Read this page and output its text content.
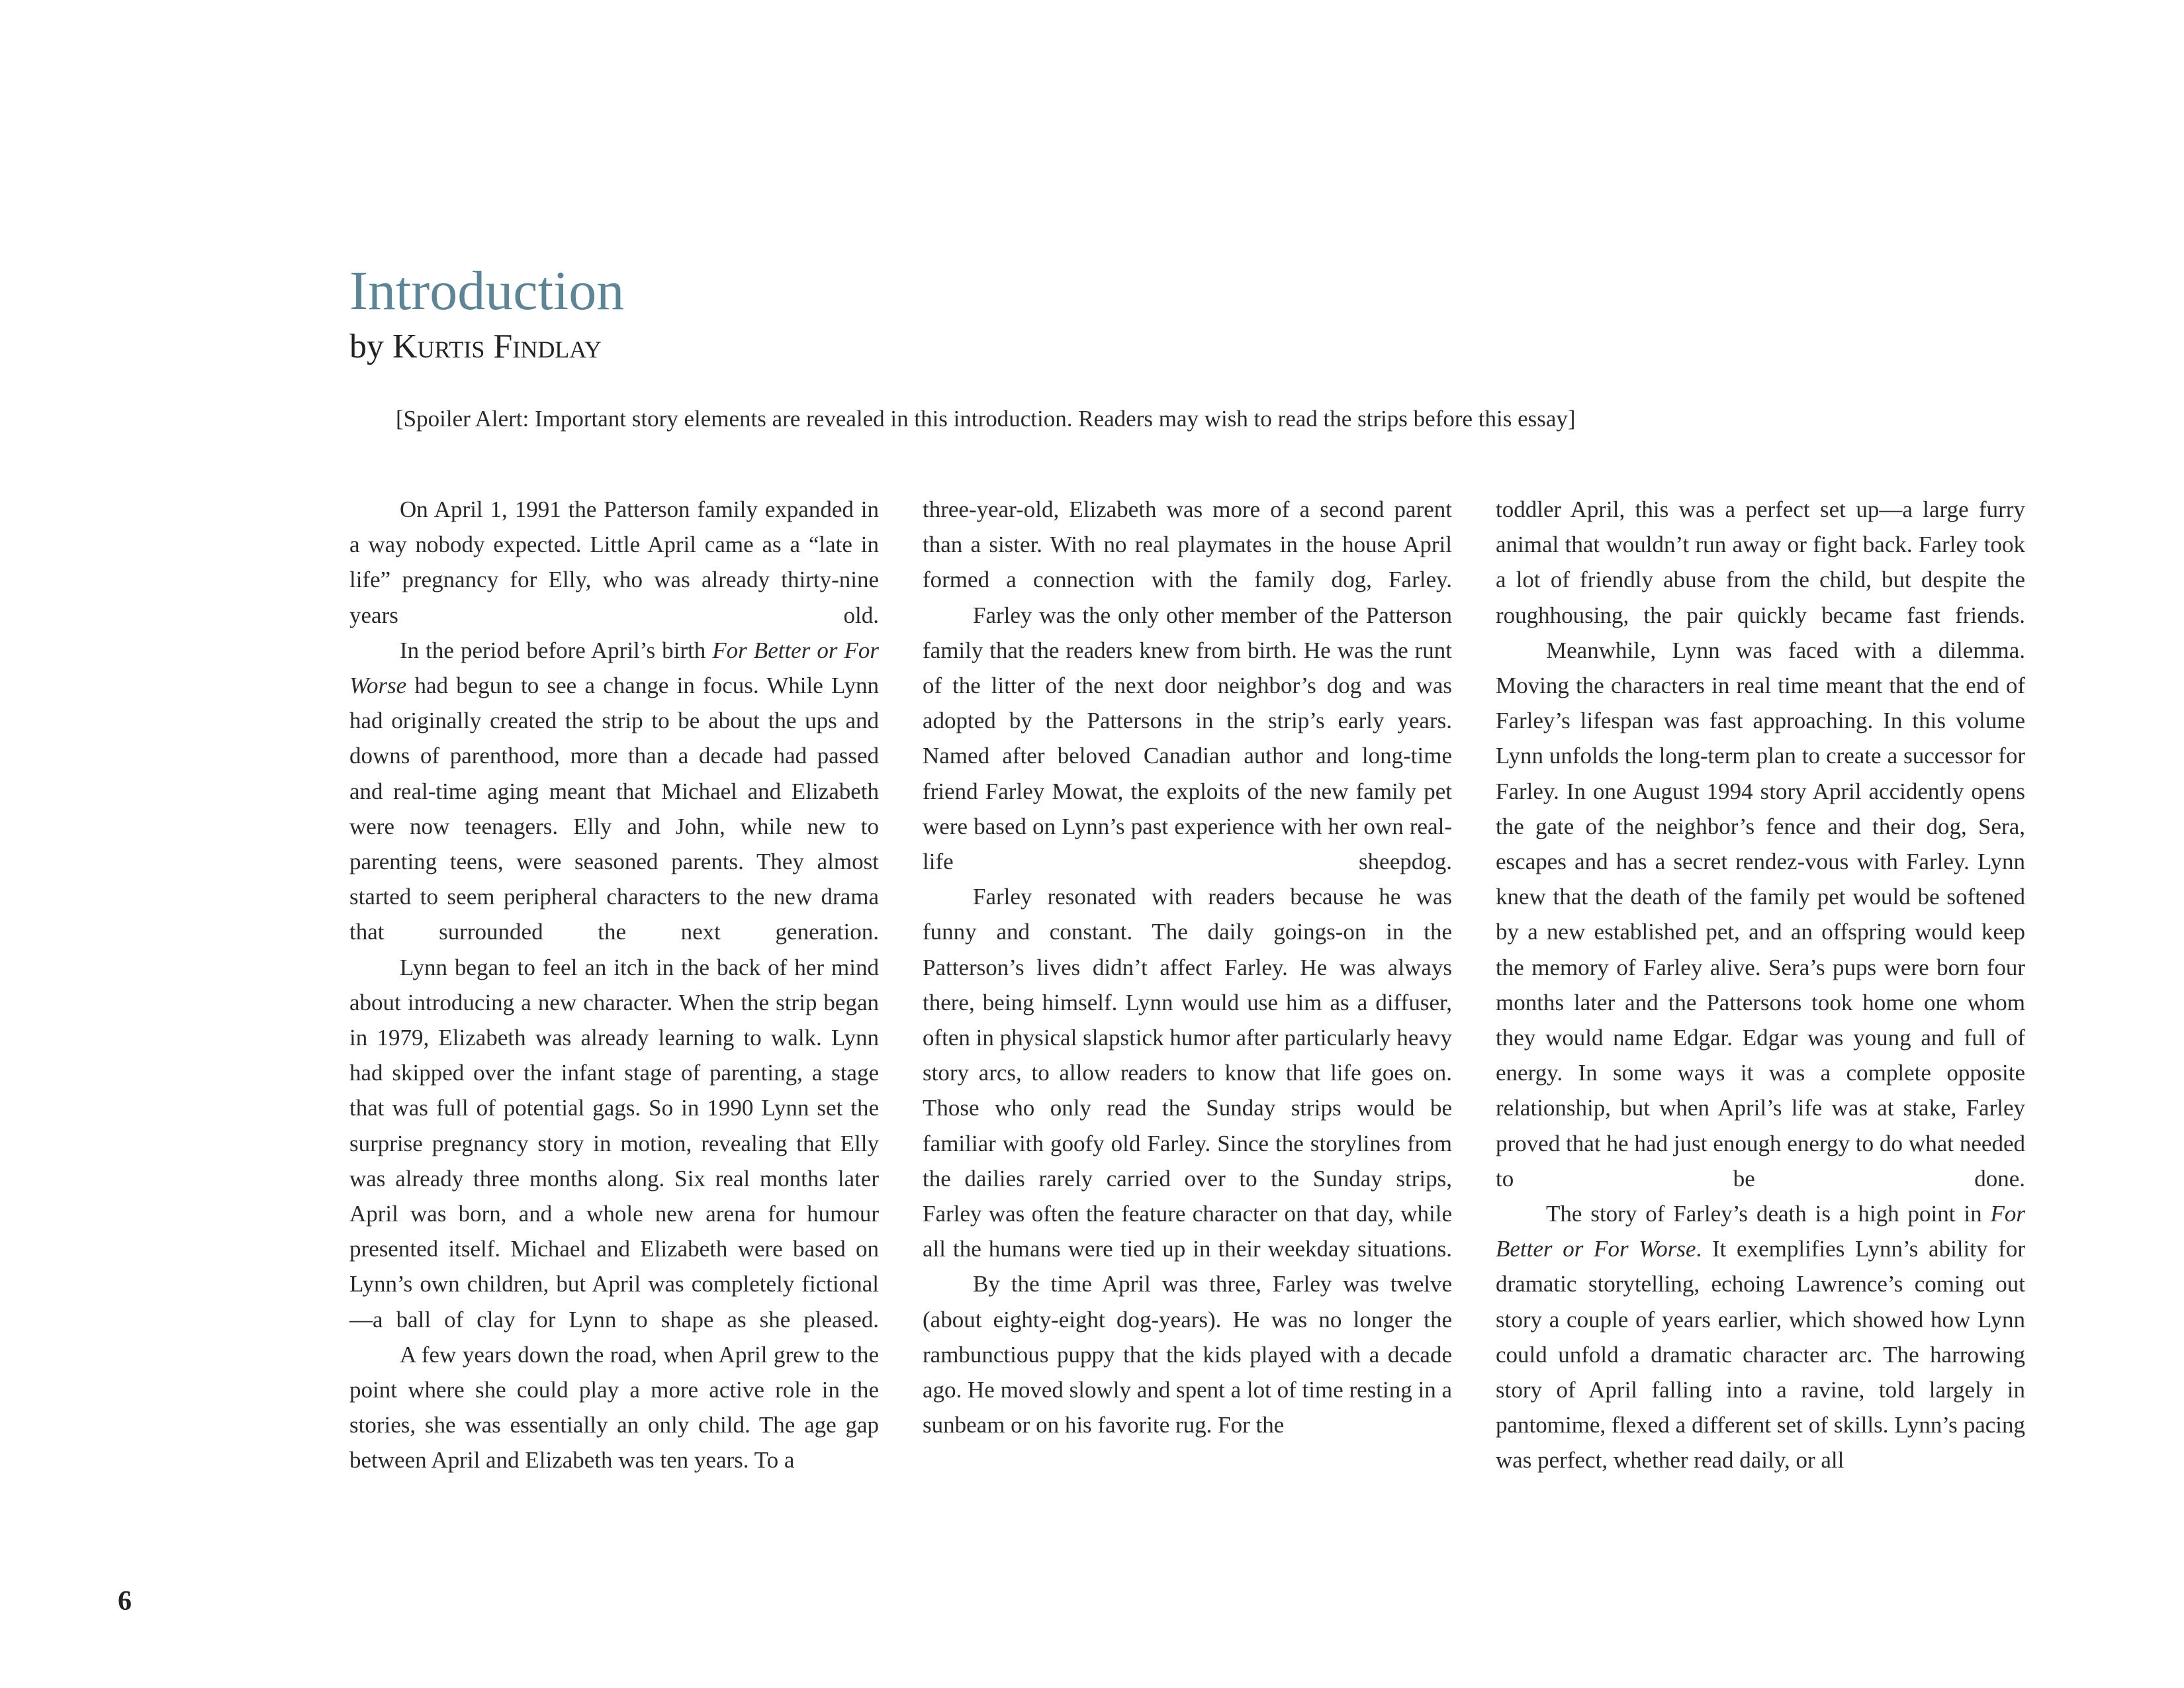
Introduction
by Kurtis Findlay

[Spoiler Alert: Important story elements are revealed in this introduction. Readers may wish to read the strips before this essay]

On April 1, 1991 the Patterson family expanded in a way nobody expected. Little April came as a “late in life” pregnancy for Elly, who was already thirty-nine years old.

In the period before April’s birth For Better or For Worse had begun to see a change in focus. While Lynn had originally created the strip to be about the ups and downs of parenthood, more than a decade had passed and real-time aging meant that Michael and Elizabeth were now teenagers. Elly and John, while new to parenting teens, were seasoned parents. They almost started to seem peripheral characters to the new drama that surrounded the next generation.

Lynn began to feel an itch in the back of her mind about introducing a new character. When the strip began in 1979, Elizabeth was already learning to walk. Lynn had skipped over the infant stage of parenting, a stage that was full of potential gags. So in 1990 Lynn set the surprise pregnancy story in motion, revealing that Elly was already three months along. Six real months later April was born, and a whole new arena for humour presented itself. Michael and Elizabeth were based on Lynn’s own children, but April was completely fictional—a ball of clay for Lynn to shape as she pleased.

A few years down the road, when April grew to the point where she could play a more active role in the stories, she was essentially an only child. The age gap between April and Elizabeth was ten years. To a

three-year-old, Elizabeth was more of a second parent than a sister. With no real playmates in the house April formed a connection with the family dog, Farley.

Farley was the only other member of the Patterson family that the readers knew from birth. He was the runt of the litter of the next door neighbor’s dog and was adopted by the Pattersons in the strip’s early years. Named after beloved Canadian author and long-time friend Farley Mowat, the exploits of the new family pet were based on Lynn’s past experience with her own real-life sheepdog.

Farley resonated with readers because he was funny and constant. The daily goings-on in the Patterson’s lives didn’t affect Farley. He was always there, being himself. Lynn would use him as a diffuser, often in physical slapstick humor after particularly heavy story arcs, to allow readers to know that life goes on. Those who only read the Sunday strips would be familiar with goofy old Farley. Since the storylines from the dailies rarely carried over to the Sunday strips, Farley was often the feature character on that day, while all the humans were tied up in their weekday situations.

By the time April was three, Farley was twelve (about eighty-eight dog-years). He was no longer the rambunctious puppy that the kids played with a decade ago. He moved slowly and spent a lot of time resting in a sunbeam or on his favorite rug. For the

toddler April, this was a perfect set up—a large furry animal that wouldn’t run away or fight back. Farley took a lot of friendly abuse from the child, but despite the roughhousing, the pair quickly became fast friends.

Meanwhile, Lynn was faced with a dilemma. Moving the characters in real time meant that the end of Farley’s lifespan was fast approaching. In this volume Lynn unfolds the long-term plan to create a successor for Farley. In one August 1994 story April accidently opens the gate of the neighbor’s fence and their dog, Sera, escapes and has a secret rendez-vous with Farley. Lynn knew that the death of the family pet would be softened by a new established pet, and an offspring would keep the memory of Farley alive. Sera’s pups were born four months later and the Pattersons took home one whom they would name Edgar. Edgar was young and full of energy. In some ways it was a complete opposite relationship, but when April’s life was at stake, Farley proved that he had just enough energy to do what needed to be done.

The story of Farley’s death is a high point in For Better or For Worse. It exemplifies Lynn’s ability for dramatic storytelling, echoing Lawrence’s coming out story a couple of years earlier, which showed how Lynn could unfold a dramatic character arc. The harrowing story of April falling into a ravine, told largely in pantomime, flexed a different set of skills. Lynn’s pacing was perfect, whether read daily, or all

6
